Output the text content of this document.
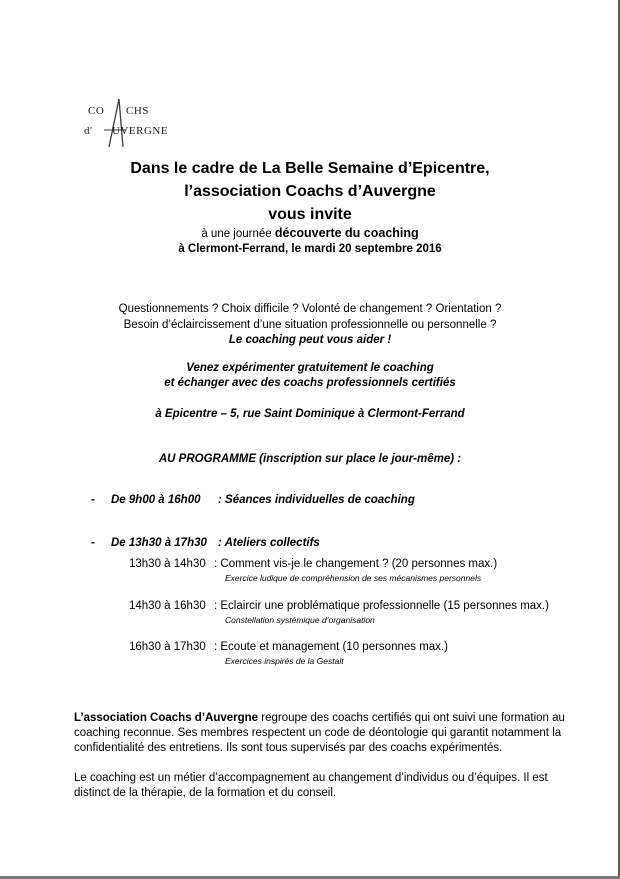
CO CHS
d' UVERGNE
Dans le cadre de La Belle Semaine d’Epicentre,
l’association Coachs d’Auvergne
vous invite
à une journée découverte du coaching
à Clermont-Ferrand, le mardi 20 septembre 2016
Questionnements ? Choix difficile ? Volonté de changement ? Orientation ?
Besoin d’éclaircissement d’une situation professionnelle ou personnelle ?
Le coaching peut vous aider !
Venez expérimenter gratuitement le coaching
et échanger avec des coachs professionnels certifiés
à Epicentre – 5, rue Saint Dominique à Clermont-Ferrand
AU PROGRAMME (inscription sur place le jour-même) :
- De 9h00 à 16h00 : Séances individuelles de coaching
- De 13h30 à 17h30 : Ateliers collectifs
13h30 à 14h30 : Comment vis-je le changement ? (20 personnes max.)
Exercice ludique de compréhension de ses mécanismes personnels
14h30 à 16h30 : Eclaircir une problématique professionnelle (15 personnes max.)
Constellation systémique d’organisation
16h30 à 17h30 : Ecoute et management (10 personnes max.)
Exercices inspirés de la Gestalt
L’association Coachs d’Auvergne regroupe des coachs certifiés qui ont suivi une formation au
coaching reconnue. Ses membres respectent un code de déontologie qui garantit notamment la
confidentialité des entretiens. Ils sont tous supervisés par des coachs expérimentés.
Le coaching est un métier d’accompagnement au changement d’individus ou d’équipes. Il est
distinct de la thérapie, de la formation et du conseil.
